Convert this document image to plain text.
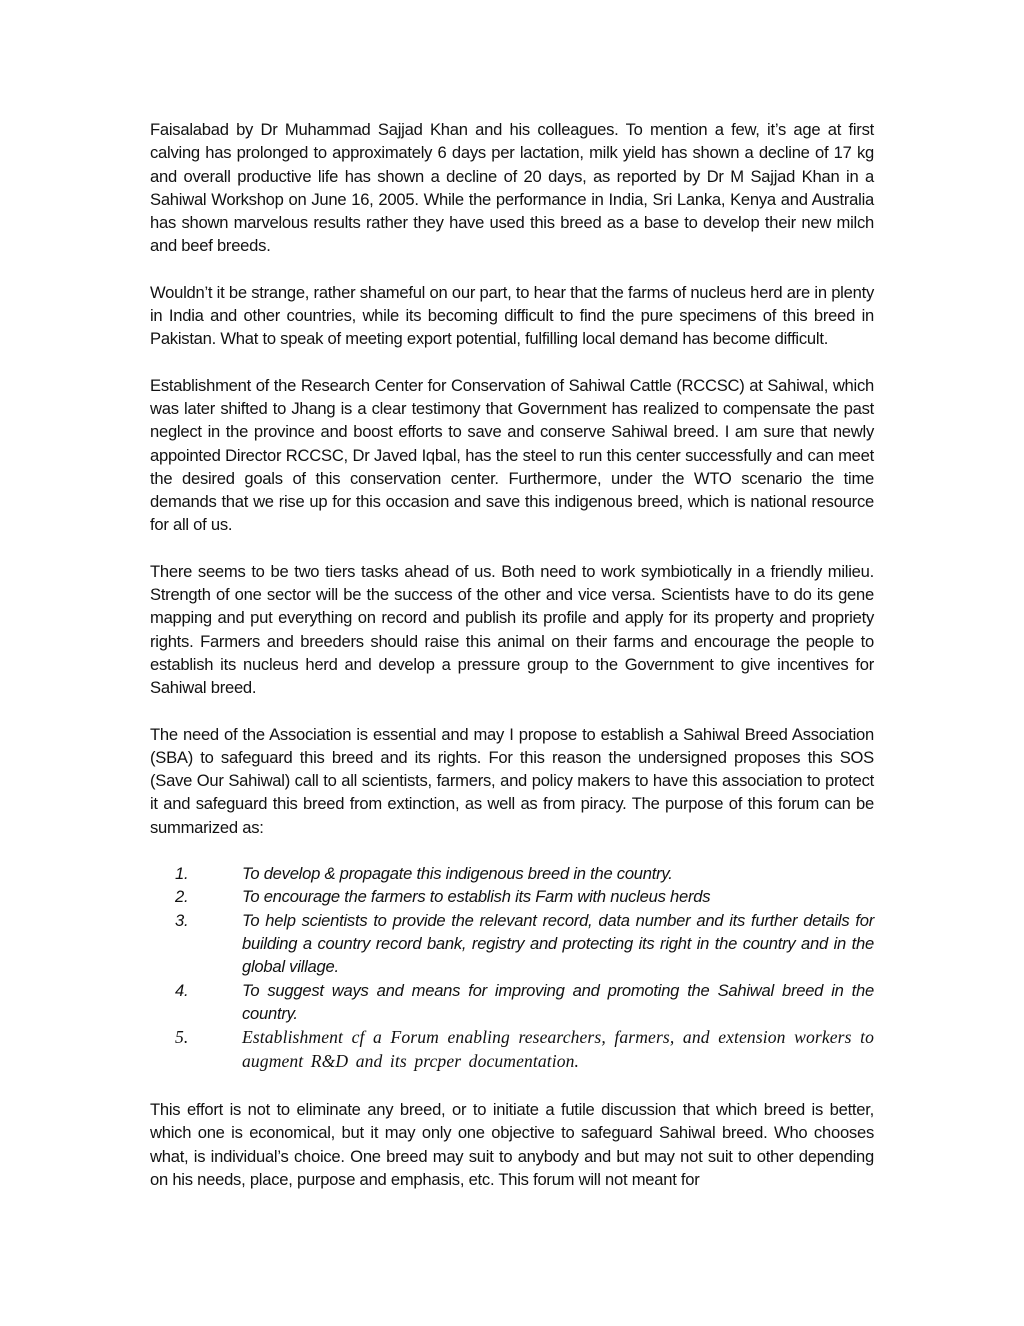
Faisalabad by Dr Muhammad Sajjad Khan and his colleagues. To mention a few, it’s age at first calving has prolonged to approximately 6 days per lactation, milk yield has shown a decline of 17 kg and overall productive life has shown a decline of 20 days, as reported by Dr M Sajjad Khan in a Sahiwal Workshop on June 16, 2005. While the performance in India, Sri Lanka, Kenya and Australia has shown marvelous results rather they have used this breed as a base to develop their new milch and beef breeds.

Wouldn’t it be strange, rather shameful on our part, to hear that the farms of nucleus herd are in plenty in India and other countries, while its becoming difficult to find the pure specimens of this breed in Pakistan. What to speak of meeting export potential, fulfilling local demand has become difficult.

Establishment of the Research Center for Conservation of Sahiwal Cattle (RCCSC) at Sahiwal, which was later shifted to Jhang is a clear testimony that Government has realized to compensate the past neglect in the province and boost efforts to save and conserve Sahiwal breed. I am sure that newly appointed Director RCCSC, Dr Javed Iqbal, has the steel to run this center successfully and can meet the desired goals of this conservation center. Furthermore, under the WTO scenario the time demands that we rise up for this occasion and save this indigenous breed, which is national resource for all of us.

There seems to be two tiers tasks ahead of us. Both need to work symbiotically in a friendly milieu. Strength of one sector will be the success of the other and vice versa. Scientists have to do its gene mapping and put everything on record and publish its profile and apply for its property and propriety rights. Farmers and breeders should raise this animal on their farms and encourage the people to establish its nucleus herd and develop a pressure group to the Government to give incentives for Sahiwal breed.

The need of the Association is essential and may I propose to establish a Sahiwal Breed Association (SBA) to safeguard this breed and its rights. For this reason the undersigned proposes this SOS (Save Our Sahiwal) call to all scientists, farmers, and policy makers to have this association to protect it and safeguard this breed from extinction, as well as from piracy. The purpose of this forum can be summarized as:

1.	To develop & propagate this indigenous breed in the country.
2.	To encourage the farmers to establish its Farm with nucleus herds
3.	To help scientists to provide the relevant record, data number and its further details for building a country record bank, registry and protecting its right in the country and in the global village.
4.	To suggest ways and means for improving and promoting the Sahiwal breed in the country.
5.	Establishment cf a Forum enabling researchers, farmers, and extension workers to augment R&D and its prcper documentation.

This effort is not to eliminate any breed, or to initiate a futile discussion that which breed is better, which one is economical, but it may only one objective to safeguard Sahiwal breed. Who chooses what, is individual’s choice. One breed may suit to anybody and but may not suit to other depending on his needs, place, purpose and emphasis, etc. This forum will not meant for
